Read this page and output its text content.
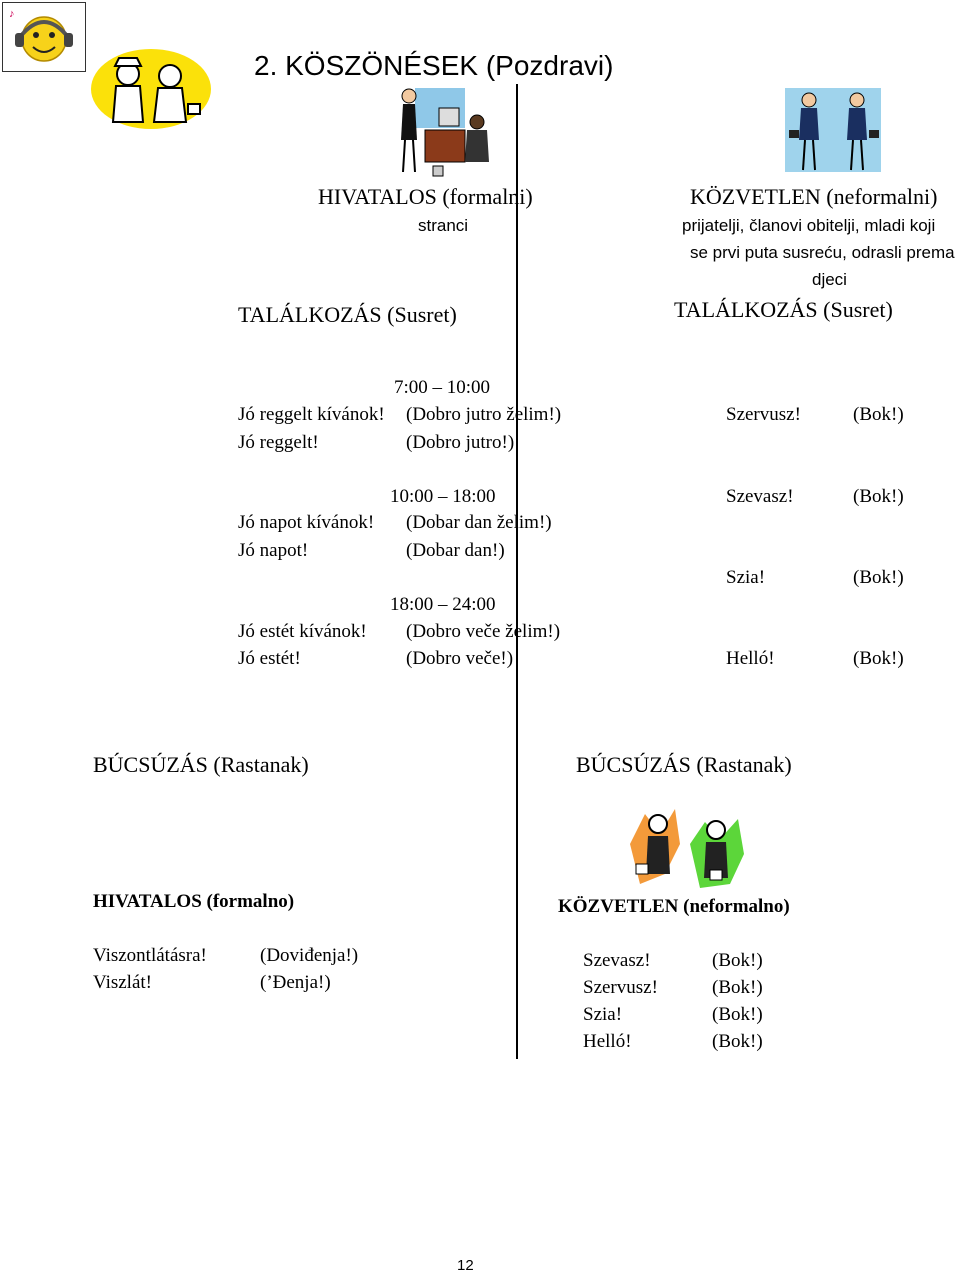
♪
2. KÖSZÖNÉSEK (Pozdravi)
HIVATALOS (formalni)
stranci
TALÁLKOZÁS (Susret)
KÖZVETLEN (neformalni)
prijatelji, članovi obitelji, mladi koji
se prvi puta susreću, odrasli prema
djeci
TALÁLKOZÁS (Susret)
7:00 – 10:00
Jó reggelt kívánok! (Dobro jutro želim!)
Jó reggelt!	(Dobro jutro!)
10:00 – 18:00
Jó napot kívánok! (Dobar dan želim!)
Jó napot!	(Dobar dan!)
18:00 – 24:00
Jó estét kívánok! (Dobro veče želim!)
Jó estét!	(Dobro veče!)
Szervusz!	(Bok!)
Szevasz!	(Bok!)
Szia!	(Bok!)
Helló!	(Bok!)
BÚCSÚZÁS (Rastanak)	BÚCSÚZÁS (Rastanak)
HIVATALOS (formalno)
Viszontlátásra!	(Doviđenja!)
Viszlát!	(’Đenja!)
KÖZVETLEN (neformalno)
Szevasz!	(Bok!)
Szervusz!	(Bok!)
Szia!	(Bok!)
Helló!	(Bok!)
12
